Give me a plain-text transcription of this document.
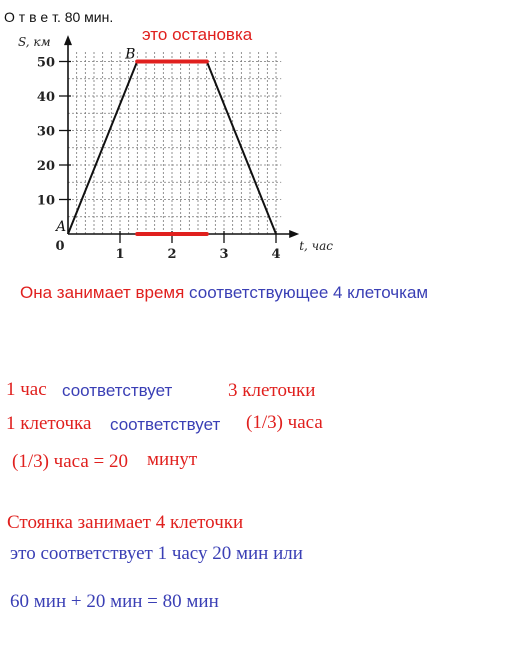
О т в е т. 80 мин.
это остановка
1	2	3	4
10
20
30
40
50
0
S, км
t, час
A
B
Она занимает время соответствующее 4 клеточкам
1 час соответствует	3 клеточки
1 клеточка соответствует (1/3) часа
(1/3) часа = 20 минут
Стоянка занимает 4 клеточки
это соответствует 1 часу 20 мин или
60 мин + 20 мин = 80 мин
